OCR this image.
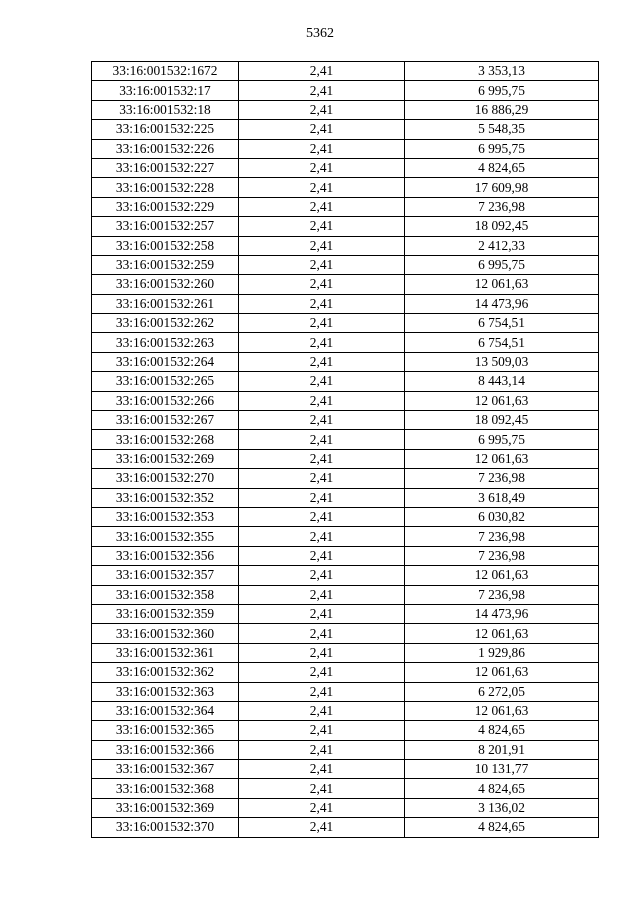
5362
33:16:001532:1672	2,41	3 353,13
33:16:001532:17	2,41	6 995,75
33:16:001532:18	2,41	16 886,29
33:16:001532:225	2,41	5 548,35
33:16:001532:226	2,41	6 995,75
33:16:001532:227	2,41	4 824,65
33:16:001532:228	2,41	17 609,98
33:16:001532:229	2,41	7 236,98
33:16:001532:257	2,41	18 092,45
33:16:001532:258	2,41	2 412,33
33:16:001532:259	2,41	6 995,75
33:16:001532:260	2,41	12 061,63
33:16:001532:261	2,41	14 473,96
33:16:001532:262	2,41	6 754,51
33:16:001532:263	2,41	6 754,51
33:16:001532:264	2,41	13 509,03
33:16:001532:265	2,41	8 443,14
33:16:001532:266	2,41	12 061,63
33:16:001532:267	2,41	18 092,45
33:16:001532:268	2,41	6 995,75
33:16:001532:269	2,41	12 061,63
33:16:001532:270	2,41	7 236,98
33:16:001532:352	2,41	3 618,49
33:16:001532:353	2,41	6 030,82
33:16:001532:355	2,41	7 236,98
33:16:001532:356	2,41	7 236,98
33:16:001532:357	2,41	12 061,63
33:16:001532:358	2,41	7 236,98
33:16:001532:359	2,41	14 473,96
33:16:001532:360	2,41	12 061,63
33:16:001532:361	2,41	1 929,86
33:16:001532:362	2,41	12 061,63
33:16:001532:363	2,41	6 272,05
33:16:001532:364	2,41	12 061,63
33:16:001532:365	2,41	4 824,65
33:16:001532:366	2,41	8 201,91
33:16:001532:367	2,41	10 131,77
33:16:001532:368	2,41	4 824,65
33:16:001532:369	2,41	3 136,02
33:16:001532:370	2,41	4 824,65
